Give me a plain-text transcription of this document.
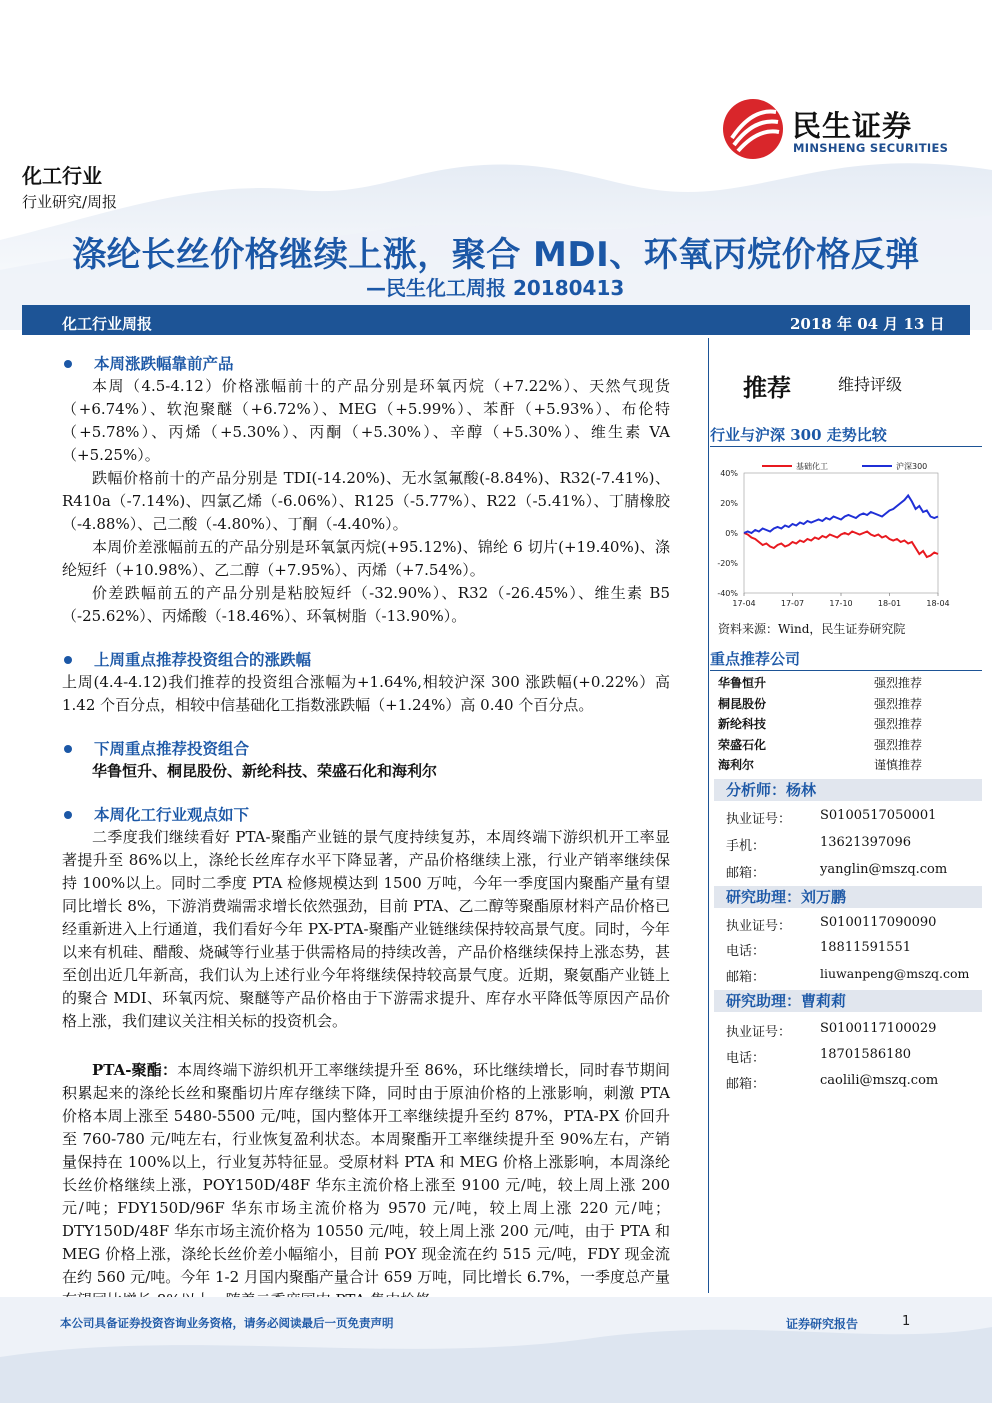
民生证券
MINSHENG SECURITIES
化工行业
行业研究/周报
涤纶长丝价格继续上涨，聚合 MDI、环氧丙烷价格反弹
—民生化工周报 20180413
化工行业周报	2018 年 04 月 13 日

本周涨跌幅靠前产品

本周（4.5-4.12）价格涨幅前十的产品分别是环氧丙烷（+7.22%）、天然气现货（+6.74%）、软泡聚醚（+6.72%）、MEG（+5.99%）、苯酐（+5.93%）、布伦特（+5.78%）、丙烯（+5.30%）、丙酮（+5.30%）、辛醇（+5.30%）、维生素 VA（+5.25%）。

跌幅价格前十的产品分别是 TDI(-14.20%)、无水氢氟酸(-8.84%)、R32(-7.41%)、R410a（-7.14%)、四氯乙烯（-6.06%）、R125（-5.77%）、R22（-5.41%）、丁腈橡胶（-4.88%）、己二酸（-4.80%）、丁酮（-4.40%）。

本周价差涨幅前五的产品分别是环氧氯丙烷(+95.12%)、锦纶 6 切片(+19.40%)、涤纶短纤（+10.98%）、乙二醇（+7.95%）、丙烯（+7.54%）。

价差跌幅前五的产品分别是粘胶短纤（-32.90%）、R32（-26.45%）、维生素 B5（-25.62%）、丙烯酸（-18.46%）、环氧树脂（-13.90%）。

上周重点推荐投资组合的涨跌幅

上周(4.4-4.12)我们推荐的投资组合涨幅为+1.64%,相较沪深 300 涨跌幅(+0.22%）高 1.42 个百分点，相较中信基础化工指数涨跌幅（+1.24%）高 0.40 个百分点。

下周重点推荐投资组合

华鲁恒升、桐昆股份、新纶科技、荣盛石化和海利尔

本周化工行业观点如下

二季度我们继续看好 PTA-聚酯产业链的景气度持续复苏，本周终端下游织机开工率显著提升至 86%以上，涤纶长丝库存水平下降显著，产品价格继续上涨，行业产销率继续保持 100%以上。同时二季度 PTA 检修规模达到 1500 万吨，今年一季度国内聚酯产量有望同比增长 8%，下游消费端需求增长依然强劲，目前 PTA、乙二醇等聚酯原材料产品价格已经重新进入上行通道，我们看好今年 PX-PTA-聚酯产业链继续保持较高景气度。同时，今年以来有机硅、醋酸、烧碱等行业基于供需格局的持续改善，产品价格继续保持上涨态势，甚至创出近几年新高，我们认为上述行业今年将继续保持较高景气度。近期，聚氨酯产业链上的聚合 MDI、环氧丙烷、聚醚等产品价格由于下游需求提升、库存水平降低等原因产品价格上涨，我们建议关注相关标的投资机会。

PTA-聚酯：本周终端下游织机开工率继续提升至 86%，环比继续增长，同时春节期间积累起来的涤纶长丝和聚酯切片库存继续下降，同时由于原油价格的上涨影响，刺激 PTA 价格本周上涨至 5480-5500 元/吨，国内整体开工率继续提升至约 87%，PTA-PX 价回升至 760-780 元/吨左右，行业恢复盈利状态。本周聚酯开工率继续提升至 90%左右，产销量保持在 100%以上，行业复苏特征显。受原材料 PTA 和 MEG 价格上涨影响，本周涤纶长丝价格继续上涨，POY150D/48F 华东主流价格上涨至 9100 元/吨，较上周上涨 200 元/吨；FDY150D/96F 华东市场主流价格为 9570 元/吨，较上周上涨 220 元/吨；DTY150D/48F 华东市场主流价格为 10550 元/吨，较上周上涨 200 元/吨，由于 PTA 和 MEG 价格上涨，涤纶长丝价差小幅缩小，目前 POY 现金流在约 515 元/吨，FDY 现金流在约 560 元/吨。今年 1-2 月国内聚酯产量合计 659 万吨，同比增长 6.7%，一季度总产量

推荐	维持评级
行业与沪深 300 走势比较
40%
20%
0%
-20%
-40%
17-04	17-07	17-10	18-01	18-04
基础化工	沪深300
资料来源：Wind，民生证券研究院
重点推荐公司
华鲁恒升	强烈推荐
桐昆股份	强烈推荐
新纶科技	强烈推荐
荣盛石化	强烈推荐
海利尔	谨慎推荐
分析师：杨林
执业证号： S0100517050001
手机：	13621397096
邮箱：	yanglin@mszq.com
研究助理：刘万鹏
执业证号： S0100117090090
电话：	18811591551
邮箱：	liuwanpeng@mszq.com
研究助理：曹莉莉
执业证号： S0100117100029
电话：	18701586180
邮箱：	caolili@mszq.com
本公司具备证券投资咨询业务资格，请务必阅读最后一页免责声明	证券研究报告	1
